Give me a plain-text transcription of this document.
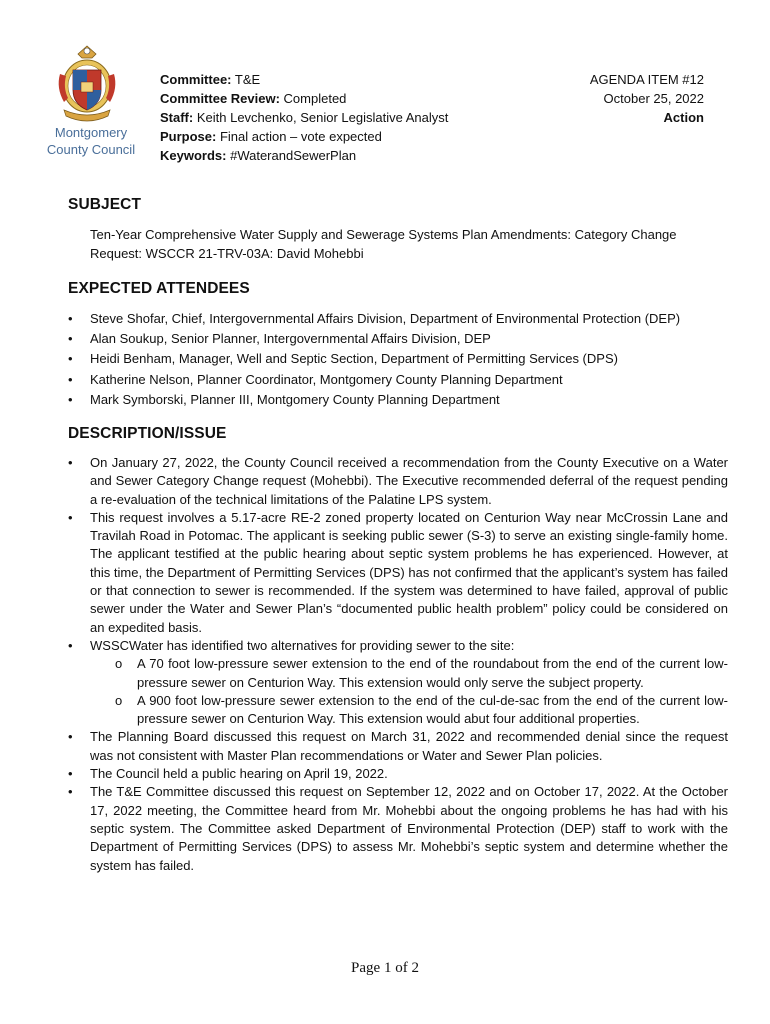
Montgomery
County Council
Committee: T&E
Committee Review: Completed
Staff: Keith Levchenko, Senior Legislative Analyst
Purpose: Final action – vote expected
Keywords: #WaterandSewerPlan
AGENDA ITEM #12
October 25, 2022
Action
SUBJECT
Ten-Year Comprehensive Water Supply and Sewerage Systems Plan Amendments: Category Change
Request: WSCCR 21-TRV-03A: David Mohebbi
EXPECTED ATTENDEES
•	Steve Shofar, Chief, Intergovernmental Affairs Division, Department of Environmental Protection (DEP)
•	Alan Soukup, Senior Planner, Intergovernmental Affairs Division, DEP
•	Heidi Benham, Manager, Well and Septic Section, Department of Permitting Services (DPS)
•	Katherine Nelson, Planner Coordinator, Montgomery County Planning Department
•	Mark Symborski, Planner III, Montgomery County Planning Department
DESCRIPTION/ISSUE
•	On January 27, 2022, the County Council received a recommendation from the County Executive on a Water and Sewer Category Change request (Mohebbi). The Executive recommended deferral of the request pending a re-evaluation of the technical limitations of the Palatine LPS system.
•	This request involves a 5.17-acre RE-2 zoned property located on Centurion Way near McCrossin Lane and Travilah Road in Potomac. The applicant is seeking public sewer (S-3) to serve an existing single-family home. The applicant testified at the public hearing about septic system problems he has experienced. However, at this time, the Department of Permitting Services (DPS) has not confirmed that the applicant’s system has failed or that connection to sewer is recommended. If the system was determined to have failed, approval of public sewer under the Water and Sewer Plan’s “documented public health problem” policy could be considered on an expedited basis.
•	WSSCWater has identified two alternatives for providing sewer to the site:
o	A 70 foot low-pressure sewer extension to the end of the roundabout from the end of the current low-pressure sewer on Centurion Way. This extension would only serve the subject property.
o	A 900 foot low-pressure sewer extension to the end of the cul-de-sac from the end of the current low-pressure sewer on Centurion Way. This extension would abut four additional properties.
•	The Planning Board discussed this request on March 31, 2022 and recommended denial since the request was not consistent with Master Plan recommendations or Water and Sewer Plan policies.
•	The Council held a public hearing on April 19, 2022.
•	The T&E Committee discussed this request on September 12, 2022 and on October 17, 2022. At the October 17, 2022 meeting, the Committee heard from Mr. Mohebbi about the ongoing problems he has had with his septic system. The Committee asked Department of Environmental Protection (DEP) staff to work with the Department of Permitting Services (DPS) to assess Mr. Mohebbi’s septic system and determine whether the system has failed.
Page 1 of 2
